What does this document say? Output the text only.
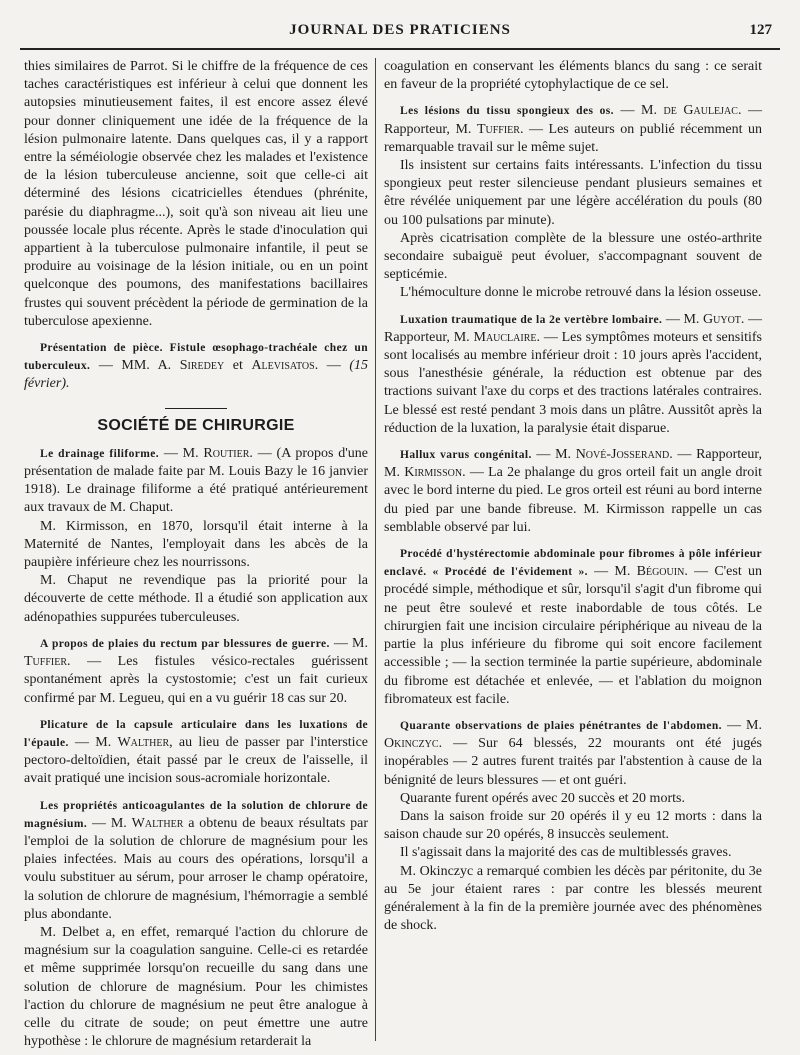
JOURNAL DES PRATICIENS	127

thies similaires de Parrot. Si le chiffre de la fréquence de ces taches caractéristiques est inférieur à celui que donnent les autopsies minutieusement faites, il est encore assez élevé pour donner cliniquement une idée de la fréquence de la lésion pulmonaire latente. Dans quelques cas, il y a rapport entre la séméiologie observée chez les malades et l'existence de la lésion tuberculeuse ancienne, soit que celle-ci ait déterminé des lésions cicatricielles étendues (phrénite, parésie du diaphragme...), soit qu'à son niveau ait lieu une poussée locale plus récente. Après le stade d'inoculation qui appartient à la tuberculose pulmonaire infantile, il peut se produire au voisinage de la lésion initiale, ou en un point quelconque des poumons, des manifestations bacillaires frustes qui souvent précèdent la période de germination de la tuberculose apexienne.

Présentation de pièce. Fistule œsophago-trachéale chez un tuberculeux. — MM. A. Siredey et Alevisatos. — (15 février).

SOCIÉTÉ DE CHIRURGIE

Le drainage filiforme. — M. Routier. — (A propos d'une présentation de malade faite par M. Louis Bazy le 16 janvier 1918). Le drainage filiforme a été pratiqué antérieurement aux travaux de M. Chaput.

M. Kirmisson, en 1870, lorsqu'il était interne à la Maternité de Nantes, l'employait dans les abcès de la paupière inférieure chez les nourrissons.

M. Chaput ne revendique pas la priorité pour la découverte de cette méthode. Il a étudié son application aux adénopathies suppurées tuberculeuses.

A propos de plaies du rectum par blessures de guerre. — M. Tuffier. — Les fistules vésico-rectales guérissent spontanément après la cystostomie; c'est un fait curieux confirmé par M. Legueu, qui en a vu guérir 18 cas sur 20.

Plicature de la capsule articulaire dans les luxations de l'épaule. — M. Walther, au lieu de passer par l'interstice pectoro-deltoïdien, était passé par le creux de l'aisselle, il avait pratiqué une incision sous-acromiale horizontale.

Les propriétés anticoagulantes de la solution de chlorure de magnésium. — M. Walther a obtenu de beaux résultats par l'emploi de la solution de chlorure de magnésium pour les plaies infectées. Mais au cours des opérations, lorsqu'il a voulu substituer au sérum, pour arroser le champ opératoire, la solution de chlorure de magnésium, l'hémorragie a semblé plus abondante.

M. Delbet a, en effet, remarqué l'action du chlorure de magnésium sur la coagulation sanguine. Celle-ci es retardée et même supprimée lorsqu'on recueille du sang dans une solution de chlorure de magnésium. Pour les chimistes l'action du chlorure de magnésium ne peut être analogue à celle du citrate de soude; on peut émettre une autre hypothèse : le chlorure de magnésium retarderait la

coagulation en conservant les éléments blancs du sang : ce serait en faveur de la propriété cytophylactique de ce sel.

Les lésions du tissu spongieux des os. — M. de Gaulejac. — Rapporteur, M. Tuffier. — Les auteurs on publié récemment un remarquable travail sur le même sujet.

Ils insistent sur certains faits intéressants. L'infection du tissu spongieux peut rester silencieuse pendant plusieurs semaines et être révélée uniquement par une légère accélération du pouls (80 ou 100 pulsations par minute).

Après cicatrisation complète de la blessure une ostéo-arthrite secondaire subaiguë peut évoluer, s'accompagnant souvent de septicémie.

L'hémoculture donne le microbe retrouvé dans la lésion osseuse.

Luxation traumatique de la 2e vertèbre lombaire. — M. Guyot. — Rapporteur, M. Mauclaire. — Les symptômes moteurs et sensitifs sont localisés au membre inférieur droit : 10 jours après l'accident, sous l'anesthésie générale, la réduction est obtenue par des tractions suivant l'axe du corps et des tractions latérales contraires. Le blessé est resté pendant 3 mois dans un plâtre. Aussitôt après la réduction de la luxation, la paralysie était disparue.

Hallux varus congénital. — M. Nové-Josserand. — Rapporteur, M. Kirmisson. — La 2e phalange du gros orteil fait un angle droit avec le bord interne du pied. Le gros orteil est réuni au bord interne du pied par une bande fibreuse. M. Kirmisson rappelle un cas semblable observé par lui.

Procédé d'hystérectomie abdominale pour fibromes à pôle inférieur enclavé. « Procédé de l'évidement ». — M. Bégouin. — C'est un procédé simple, méthodique et sûr, lorsqu'il s'agit d'un fibrome qui ne peut être soulevé et reste inabordable de tous côtés. Le chirurgien fait une incision circulaire périphérique au niveau de la partie la plus inférieure du fibrome qui soit encore facilement accessible ; — la section terminée la partie supérieure, abdominale du fibrome est détachée et enlevée, — et l'ablation du moignon fibromateux est facile.

Quarante observations de plaies pénétrantes de l'abdomen. — M. Okinczyc. — Sur 64 blessés, 22 mourants ont été jugés inopérables — 2 autres furent traités par l'abstention à cause de la bénignité de leurs blessures — et ont guéri.

Quarante furent opérés avec 20 succès et 20 morts.

Dans la saison froide sur 20 opérés il y eu 12 morts : dans la saison chaude sur 20 opérés, 8 insuccès seulement.

Il s'agissait dans la majorité des cas de multiblessés graves.

M. Okinczyc a remarqué combien les décès par péritonite, du 3e au 5e jour étaient rares : par contre les blessés meurent généralement à la fin de la première journée avec des phénomènes de shock.
